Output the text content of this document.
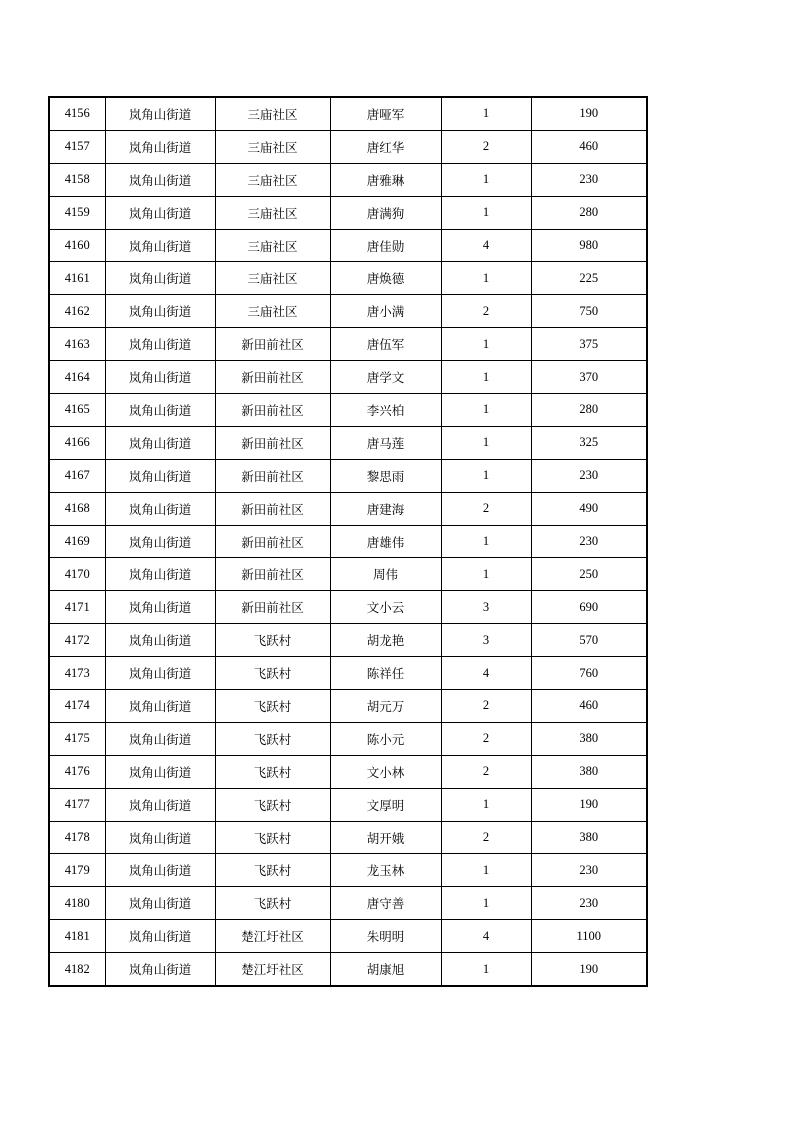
4156	岚角山街道	三庙社区	唐哑军	1	190
4157	岚角山街道	三庙社区	唐红华	2	460
4158	岚角山街道	三庙社区	唐雅琳	1	230
4159	岚角山街道	三庙社区	唐满狗	1	280
4160	岚角山街道	三庙社区	唐佳勋	4	980
4161	岚角山街道	三庙社区	唐焕德	1	225
4162	岚角山街道	三庙社区	唐小满	2	750
4163	岚角山街道	新田前社区	唐伍军	1	375
4164	岚角山街道	新田前社区	唐学文	1	370
4165	岚角山街道	新田前社区	李兴柏	1	280
4166	岚角山街道	新田前社区	唐马莲	1	325
4167	岚角山街道	新田前社区	黎思雨	1	230
4168	岚角山街道	新田前社区	唐建海	2	490
4169	岚角山街道	新田前社区	唐雄伟	1	230
4170	岚角山街道	新田前社区	周伟	1	250
4171	岚角山街道	新田前社区	文小云	3	690
4172	岚角山街道	飞跃村	胡龙艳	3	570
4173	岚角山街道	飞跃村	陈祥任	4	760
4174	岚角山街道	飞跃村	胡元万	2	460
4175	岚角山街道	飞跃村	陈小元	2	380
4176	岚角山街道	飞跃村	文小林	2	380
4177	岚角山街道	飞跃村	文厚明	1	190
4178	岚角山街道	飞跃村	胡开娥	2	380
4179	岚角山街道	飞跃村	龙玉林	1	230
4180	岚角山街道	飞跃村	唐守善	1	230
4181	岚角山街道	楚江圩社区	朱明明	4	1100
4182	岚角山街道	楚江圩社区	胡康旭	1	190
